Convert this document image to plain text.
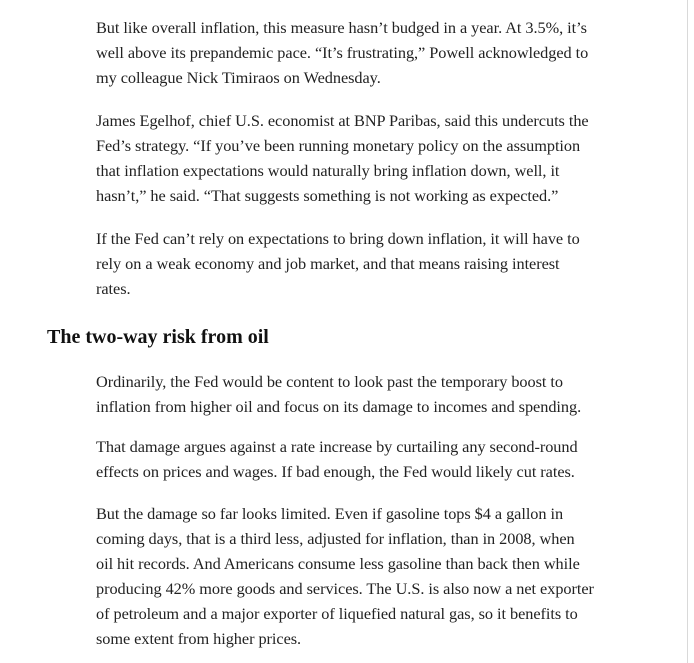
But like overall inflation, this measure hasn’t budged in a year. At 3.5%, it’s
well above its prepandemic pace. “It’s frustrating,” Powell acknowledged to
my colleague Nick Timiraos on Wednesday.

James Egelhof, chief U.S. economist at BNP Paribas, said this undercuts the
Fed’s strategy. “If you’ve been running monetary policy on the assumption
that inflation expectations would naturally bring inflation down, well, it
hasn’t,” he said. “That suggests something is not working as expected.”

If the Fed can’t rely on expectations to bring down inflation, it will have to
rely on a weak economy and job market, and that means raising interest
rates.

The two-way risk from oil

Ordinarily, the Fed would be content to look past the temporary boost to
inflation from higher oil and focus on its damage to incomes and spending.

That damage argues against a rate increase by curtailing any second-round
effects on prices and wages. If bad enough, the Fed would likely cut rates.

But the damage so far looks limited. Even if gasoline tops $4 a gallon in
coming days, that is a third less, adjusted for inflation, than in 2008, when
oil hit records. And Americans consume less gasoline than back then while
producing 42% more goods and services. The U.S. is also now a net exporter
of petroleum and a major exporter of liquefied natural gas, so it benefits to
some extent from higher prices.
